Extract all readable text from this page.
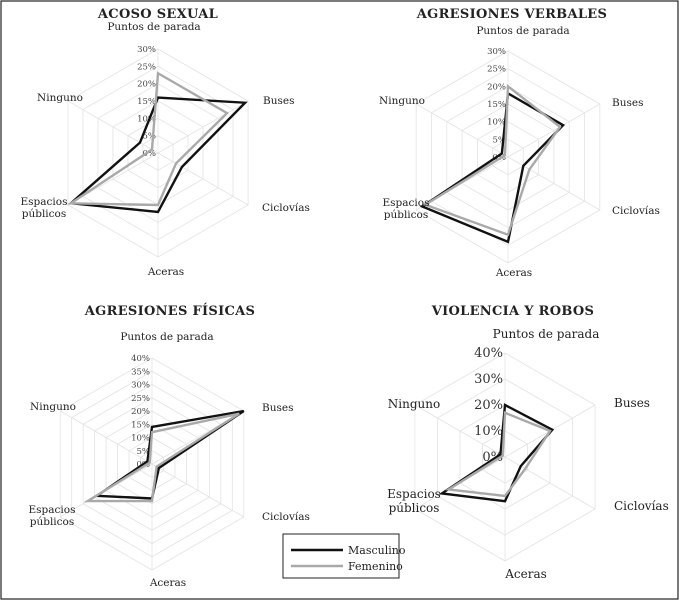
0%
5%
10%
15%
20%
25%
30%
Puntos de parada
Buses
Ciclovías
Aceras
Espacios públicos
Ninguno
ACOSO SEXUAL
0%
5%
10%
15%
20%
25%
30%
Puntos de parada
Buses
Ciclovías
Aceras
Espacios públicos
Ninguno
AGRESIONES VERBALES
0%
5%
10%
15%
20%
25%
30%
35%
40%
Puntos de parada
Buses
Ciclovías
Aceras
Espacios públicos
Ninguno
AGRESIONES FÍSICAS
0%
10%
20%
30%
40%
Puntos de parada
Buses
Ciclovías
Aceras
Espacios públicos
Ninguno
VIOLENCIA Y ROBOS
Masculino
Femenino
